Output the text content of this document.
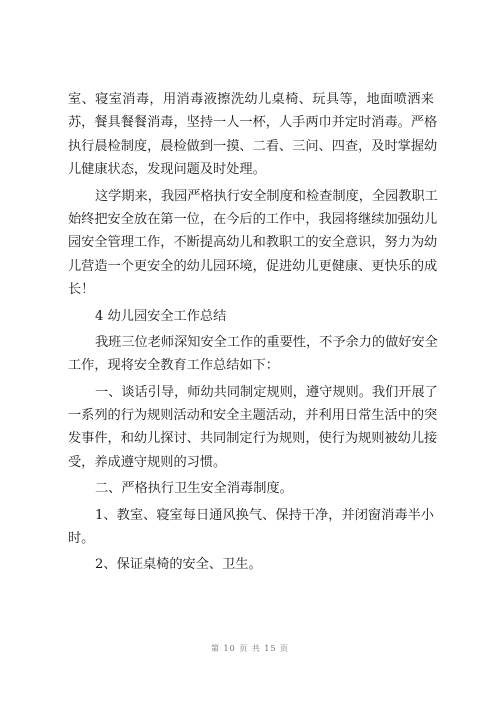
室、寝室消毒，用消毒液擦洗幼儿桌椅、玩具等，地面喷洒来
苏，餐具餐餐消毒，坚持一人一杯，人手两巾并定时消毒。严格
执行晨检制度，晨检做到一摸、二看、三问、四查，及时掌握幼
儿健康状态，发现问题及时处理。
这学期来，我园严格执行安全制度和检查制度，全园教职工
始终把安全放在第一位，在今后的工作中，我园将继续加强幼儿
园安全管理工作，不断提高幼儿和教职工的安全意识，努力为幼
儿营造一个更安全的幼儿园环境，促进幼儿更健康、更快乐的成
长！
4 幼儿园安全工作总结
我班三位老师深知安全工作的重要性，不予余力的做好安全
工作，现将安全教育工作总结如下：
一、谈话引导，师幼共同制定规则，遵守规则。我们开展了
一系列的行为规则活动和安全主题活动，并利用日常生活中的突
发事件，和幼儿探讨、共同制定行为规则，使行为规则被幼儿接
受，养成遵守规则的习惯。
二、严格执行卫生安全消毒制度。
1、教室、寝室每日通风换气、保持干净，并闭窗消毒半小
时。
2、保证桌椅的安全、卫生。
第 10 页 共 15 页
